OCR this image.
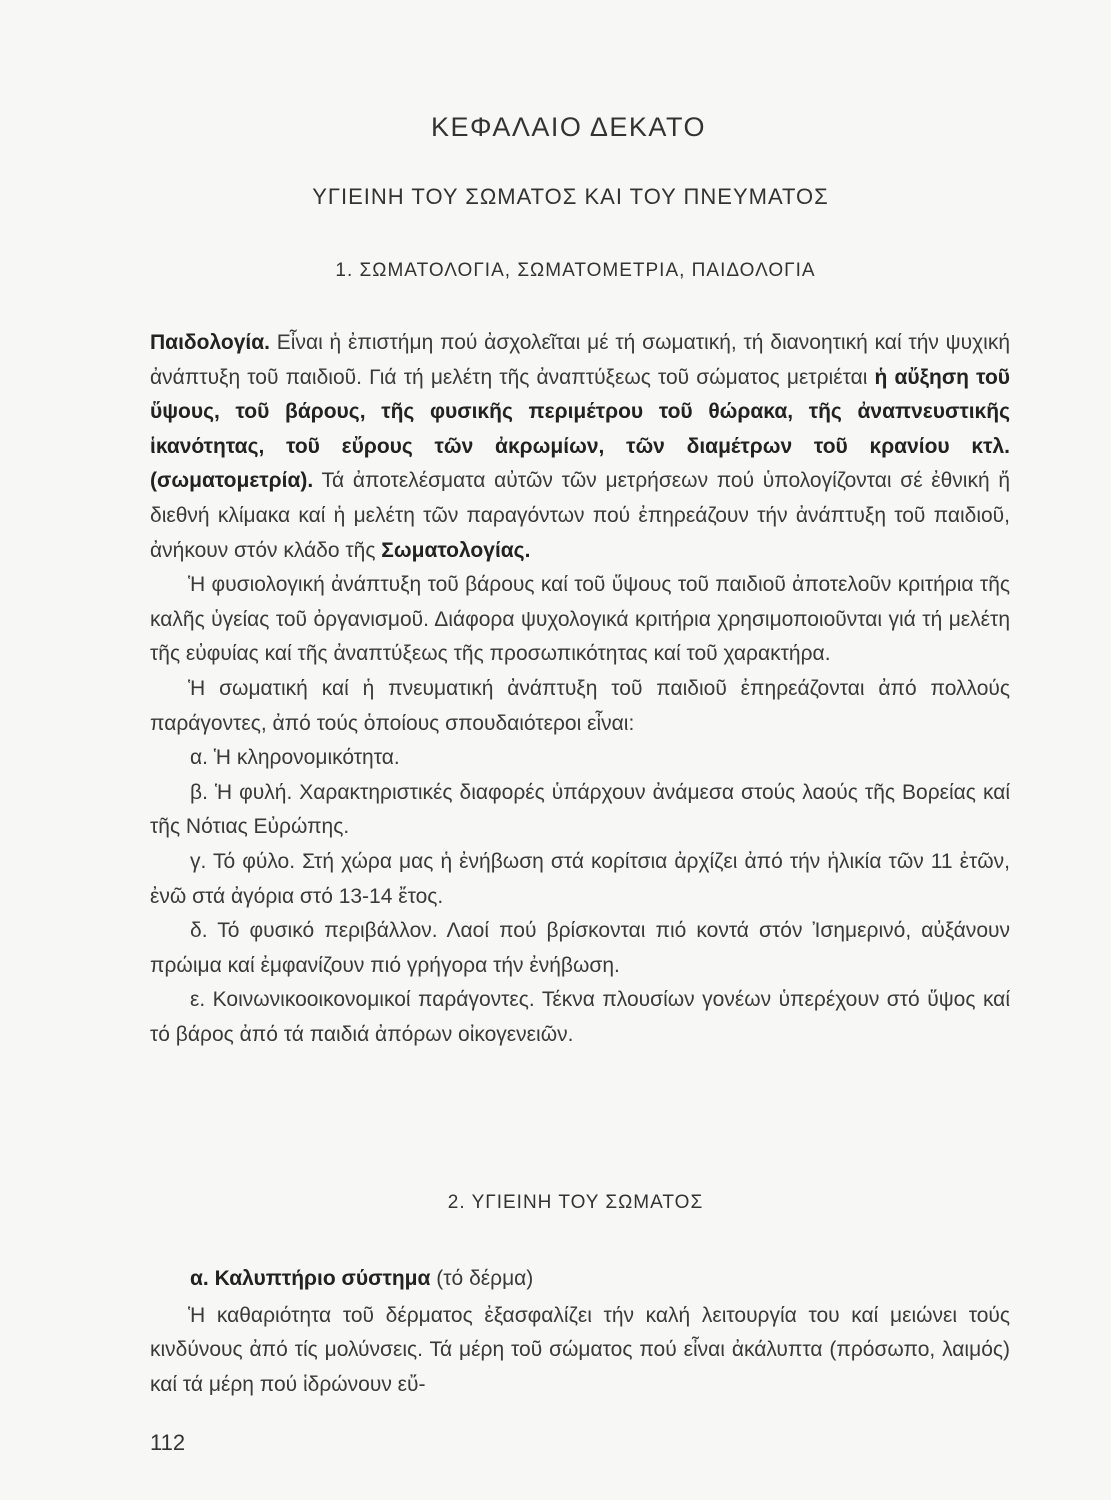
ΚΕΦΑΛΑΙΟ ΔΕΚΑΤΟ
ΥΓΙΕΙΝΗ ΤΟΥ ΣΩΜΑΤΟΣ ΚΑΙ ΤΟΥ ΠΝΕΥΜΑΤΟΣ
1. ΣΩΜΑΤΟΛΟΓΙΑ, ΣΩΜΑΤΟΜΕΤΡΙΑ, ΠΑΙΔΟΛΟΓΙΑ

Παιδολογία. Εἶναι ἡ ἐπιστήμη πού ἀσχολεῖται μέ τή σωματική, τή διανοητική καί τήν ψυχική ἀνάπτυξη τοῦ παιδιοῦ. Γιά τή μελέτη τῆς ἀναπτύξεως τοῦ σώματος μετριέται ἡ αὔξηση τοῦ ὕψους, τοῦ βάρους, τῆς φυσικῆς περιμέτρου τοῦ θώρακα, τῆς ἀναπνευστικῆς ἱκανότητας, τοῦ εὔρους τῶν ἀκρωμίων, τῶν διαμέτρων τοῦ κρανίου κτλ. (σωματομετρία). Τά ἀποτελέσματα αὐτῶν τῶν μετρήσεων πού ὑπολογίζονται σέ ἐθνική ἤ διεθνή κλίμακα καί ἡ μελέτη τῶν παραγόντων πού ἐπηρεάζουν τήν ἀνάπτυξη τοῦ παιδιοῦ, ἀνήκουν στόν κλάδο τῆς Σωματολογίας.

Ἡ φυσιολογική ἀνάπτυξη τοῦ βάρους καί τοῦ ὕψους τοῦ παιδιοῦ ἀποτελοῦν κριτήρια τῆς καλῆς ὑγείας τοῦ ὀργανισμοῦ. Διάφορα ψυχολογικά κριτήρια χρησιμοποιοῦνται γιά τή μελέτη τῆς εὐφυίας καί τῆς ἀναπτύξεως τῆς προσωπικότητας καί τοῦ χαρακτήρα.

Ἡ σωματική καί ἡ πνευματική ἀνάπτυξη τοῦ παιδιοῦ ἐπηρεάζονται ἀπό πολλούς παράγοντες, ἀπό τούς ὁποίους σπουδαιότεροι εἶναι:

α. Ἡ κληρονομικότητα.

β. Ἡ φυλή. Χαρακτηριστικές διαφορές ὑπάρχουν ἀνάμεσα στούς λαούς τῆς Βορείας καί τῆς Νότιας Εὐρώπης.

γ. Τό φύλο. Στή χώρα μας ἡ ἐνήβωση στά κορίτσια ἀρχίζει ἀπό τήν ἡλικία τῶν 11 ἐτῶν, ἐνῶ στά ἀγόρια στό 13-14 ἔτος.

δ. Τό φυσικό περιβάλλον. Λαοί πού βρίσκονται πιό κοντά στόν Ἰσημερινό, αὐξάνουν πρώιμα καί ἐμφανίζουν πιό γρήγορα τήν ἐνήβωση.

ε. Κοινωνικοοικονομικοί παράγοντες. Τέκνα πλουσίων γονέων ὑπερέχουν στό ὕψος καί τό βάρος ἀπό τά παιδιά ἀπόρων οἰκογενειῶν.

2. ΥΓΙΕΙΝΗ ΤΟΥ ΣΩΜΑΤΟΣ

α. Καλυπτήριο σύστημα (τό δέρμα)

Ἡ καθαριότητα τοῦ δέρματος ἐξασφαλίζει τήν καλή λειτουργία του καί μειώνει τούς κινδύνους ἀπό τίς μολύνσεις. Τά μέρη τοῦ σώματος πού εἶναι ἀκάλυπτα (πρόσωπο, λαιμός) καί τά μέρη πού ἱδρώνουν εὔ-

112
